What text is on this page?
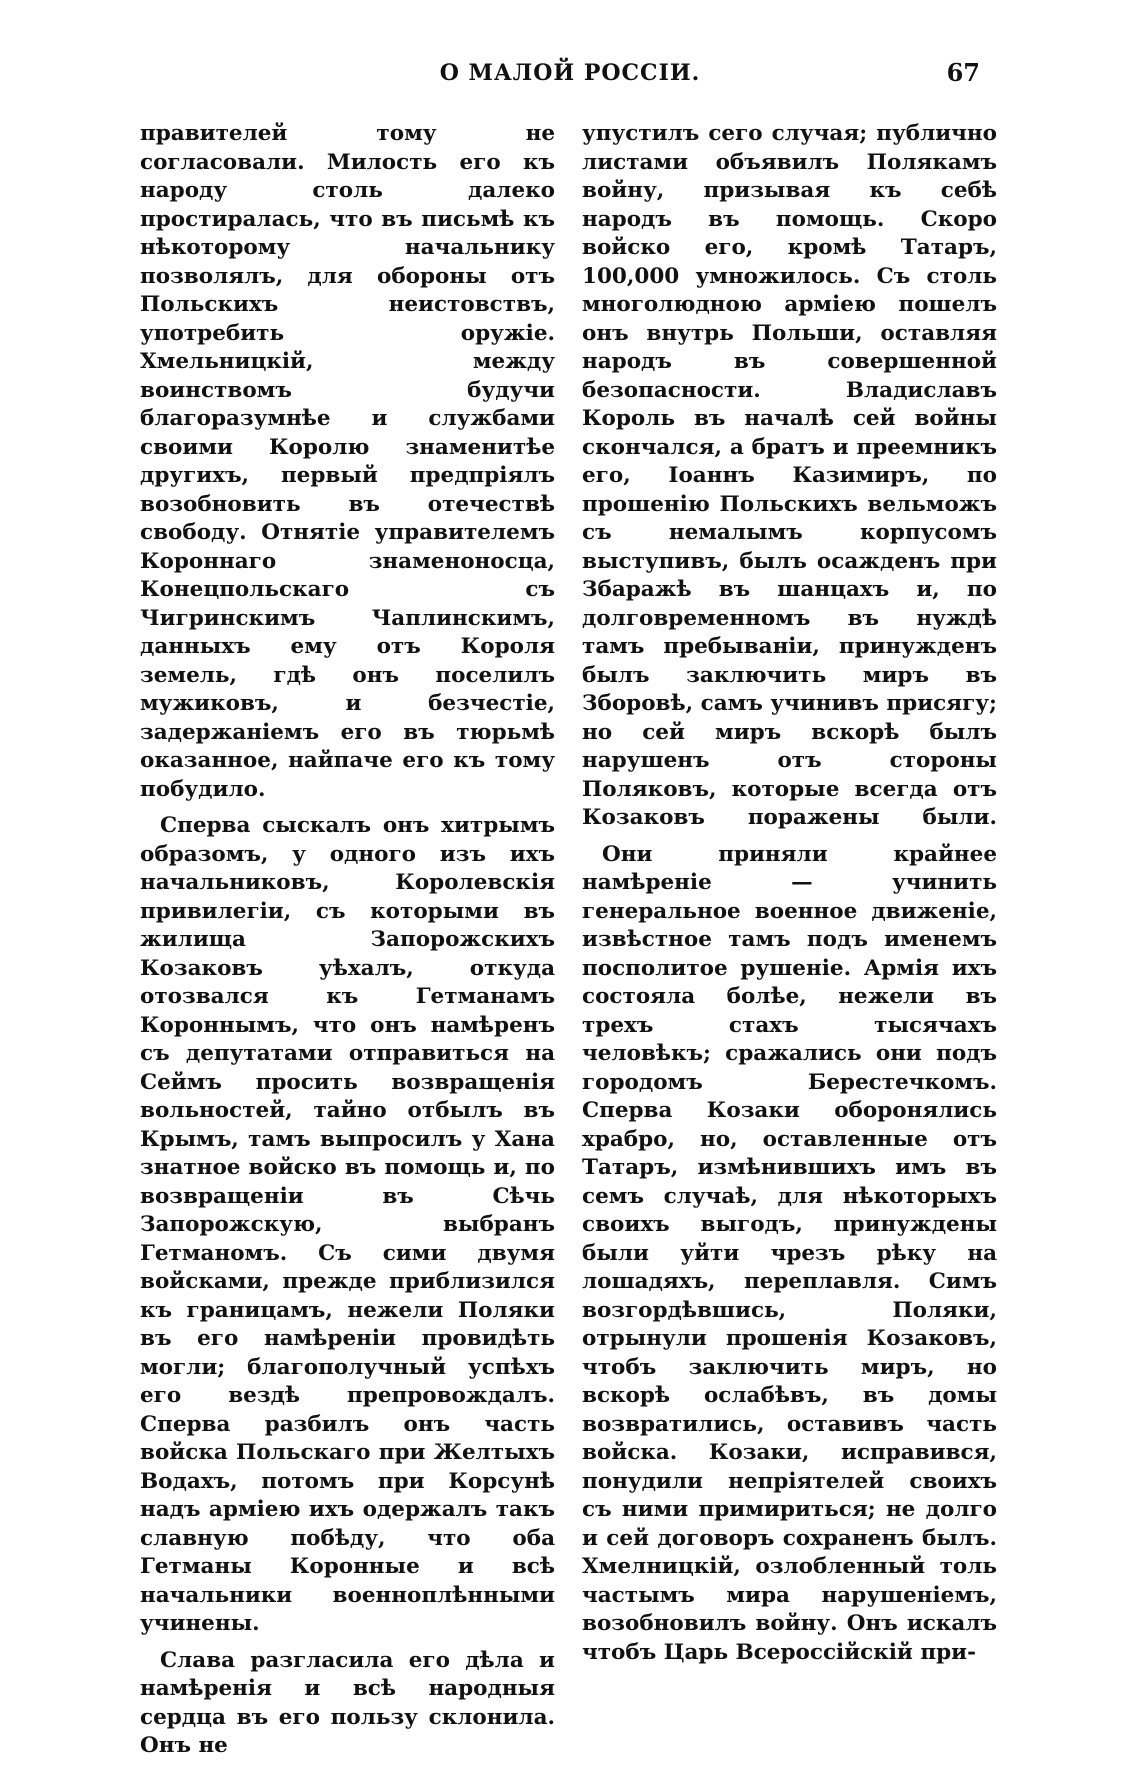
О МАЛОЙ РОССІИ.	67

правителей тому не согласовали. Милость его къ народу столь далеко простиралась, что въ письмѣ къ нѣкоторому начальнику позволялъ, для обороны отъ Польскихъ неистовствъ, употребить оружіе. Хмельницкій, между воинствомъ будучи благоразумнѣе и службами своими Королю знаменитѣе другихъ, первый предпріялъ возобновить въ отечествѣ свободу. Отнятіе управителемъ Короннаго знаменоносца, Конецпольскаго съ Чигринскимъ Чаплинскимъ, данныхъ ему отъ Короля земель, гдѣ онъ поселилъ мужиковъ, и безчестіе, задержаніемъ его въ тюрьмѣ оказанное, найпаче его къ тому побудило.

Сперва сыскалъ онъ хитрымъ образомъ, у одного изъ ихъ начальниковъ, Королевскія привилегіи, съ которыми въ жилища Запорожскихъ Козаковъ уѣхалъ, откуда отозвался къ Гетманамъ Короннымъ, что онъ намѣренъ съ депутатами отправиться на Сеймъ просить возвращенія вольностей, тайно отбылъ въ Крымъ, тамъ выпросилъ у Хана знатное войско въ помощь и, по возвращеніи въ Сѣчь Запорожскую, выбранъ Гетманомъ. Съ сими двумя войсками, прежде приблизился къ границамъ, нежели Поляки въ его намѣреніи провидѣть могли; благополучный успѣхъ его вездѣ препровождалъ. Сперва разбилъ онъ часть войска Польскаго при Желтыхъ Водахъ, потомъ при Корсунѣ надъ арміею ихъ одержалъ такъ славную побѣду, что оба Гетманы Коронные и всѣ начальники военноплѣнными учинены.

Слава разгласила его дѣла и намѣренія и всѣ народныя сердца въ его пользу склонила. Онъ не

упустилъ сего случая; публично листами объявилъ Полякамъ войну, призывая къ себѣ народъ въ помощь. Скоро войско его, кромѣ Татаръ, 100,000 умножилось. Съ столь многолюдною арміею пошелъ онъ внутрь Польши, оставляя народъ въ совершенной безопасности. Владиславъ Король въ началѣ сей войны скончался, а братъ и преемникъ его, Іоаннъ Казимиръ, по прошенію Польскихъ вельможъ съ немалымъ корпусомъ выступивъ, былъ осажденъ при Збаражѣ въ шанцахъ и, по долговременномъ въ нуждѣ тамъ пребываніи, принужденъ былъ заключить миръ въ Зборовѣ, самъ учинивъ присягу; но сей миръ вскорѣ былъ нарушенъ отъ стороны Поляковъ, которые всегда отъ Козаковъ поражены были.

Они приняли крайнее намѣреніе — учинить генеральное военное движеніе, извѣстное тамъ подъ именемъ посполитое рушеніе. Армія ихъ состояла болѣе, нежели въ трехъ стахъ тысячахъ человѣкъ; сражались они подъ городомъ Берестечкомъ. Сперва Козаки оборонялись храбро, но, оставленные отъ Татаръ, измѣнившихъ имъ въ семъ случаѣ, для нѣкоторыхъ своихъ выгодъ, принуждены были уйти чрезъ рѣку на лошадяхъ, переплавля. Симъ возгордѣвшись, Поляки, отрынули прошенія Козаковъ, чтобъ заключить миръ, но вскорѣ ослабѣвъ, въ домы возвратились, оставивъ часть войска. Козаки, исправився, понудили непріятелей своихъ съ ними примириться; не долго и сей договоръ сохраненъ былъ. Хмелницкій, озлобленный толь частымъ мира нарушеніемъ, возобновилъ войну. Онъ искалъ чтобъ Царь Всероссійскій при-
